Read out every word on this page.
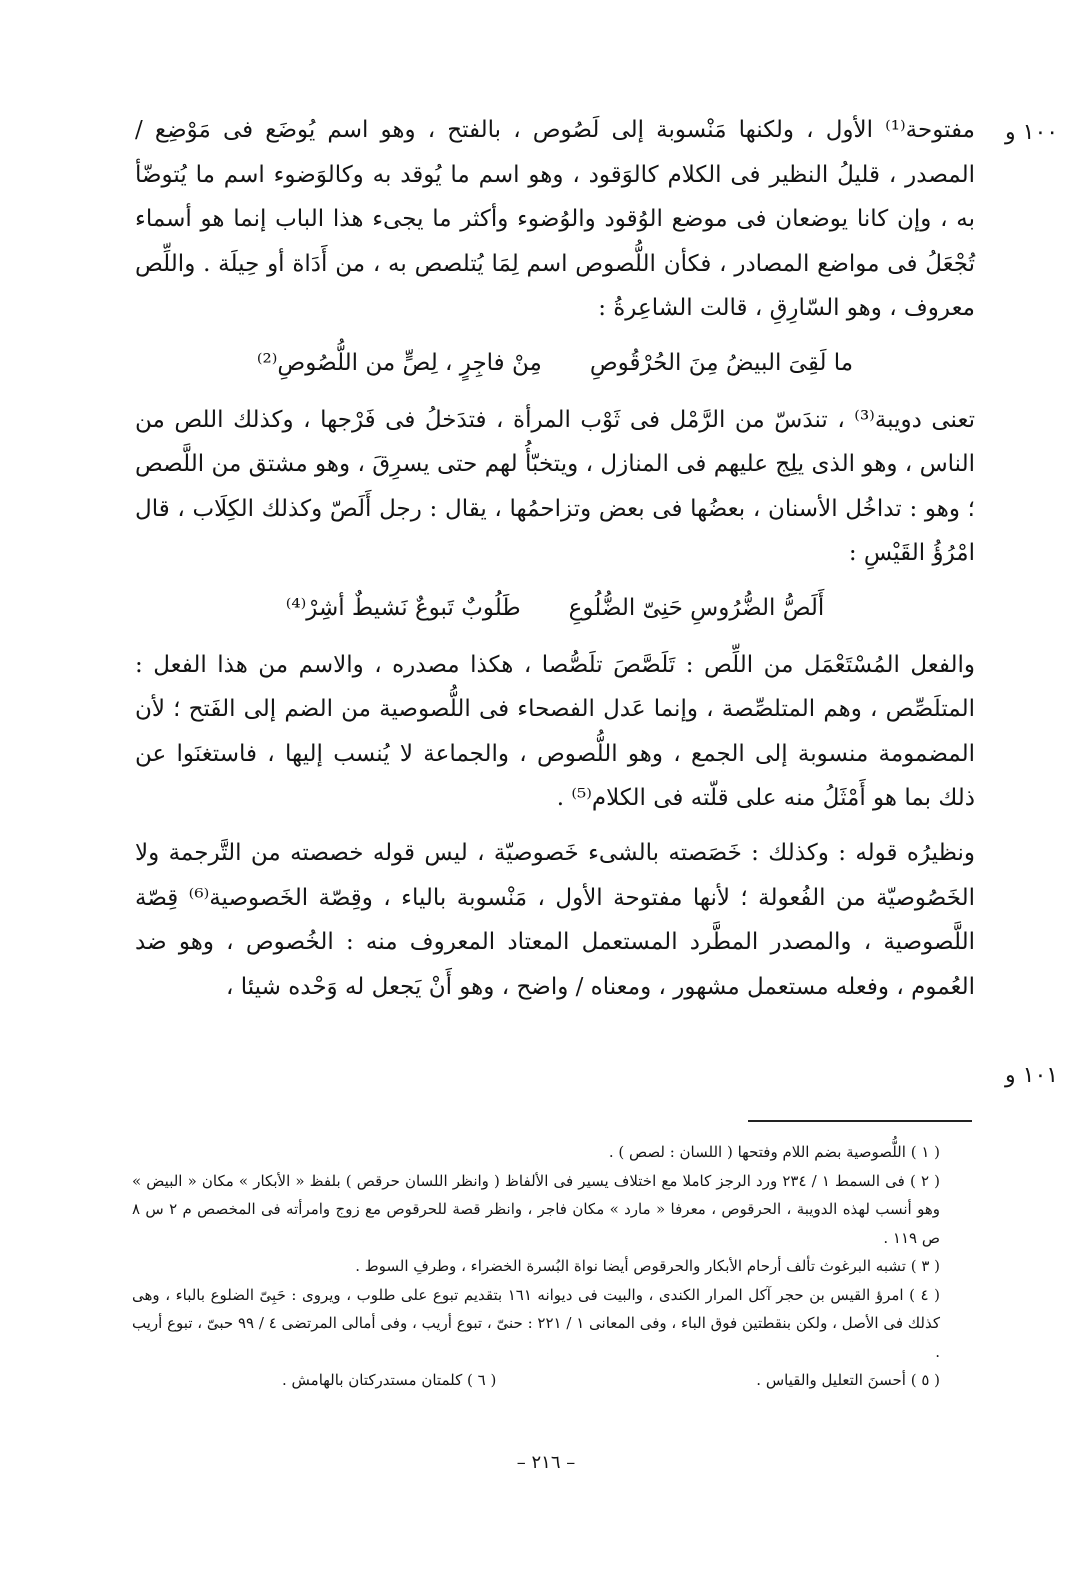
١٠٠ و
١٠١ و

مفتوحة⁽¹⁾ الأول ، ولكنها مَنْسوبة إلى لَصُوص ، بالفتح ، وهو اسم يُوضَع فى مَوْضِع / المصدر ، قليلُ النظير فى الكلام كالوَقود ، وهو اسم ما يُوقد به وكالوَضوء اسم ما يُتوضّأ به ، وإن كانا يوضعان فى موضع الوُقود والوُضوء وأكثر ما يجىء هذا الباب إنما هو أسماء تُجْعَلُ فى مواضع المصادر ، فكأن اللُّصوص اسم لِمَا يُتلصص به ، من أَدَاة أو حِيلَة . واللِّص معروف ، وهو السّارِقِ ، قالت الشاعِرةُ :

ما لَقِىَ البيضُ مِنَ الحُرْقُوصِ
مِنْ فاجِرٍ ، لِصٍّ من اللُّصُوصِ⁽²⁾

تعنى دويبة⁽³⁾ ، تندَسّ من الرَّمْل فى ثَوْب المرأة ، فتدَخلُ فى فَرْجها ، وكذلك اللص من الناس ، وهو الذى يلِج عليهم فى المنازل ، ويتخبّأُ لهم حتى يسرِقَ ، وهو مشتق من اللَّصص ؛ وهو : تداخُل الأسنان ، بعضُها فى بعض وتزاحمُها ، يقال : رجل أَلَصّ وكذلك الكِلَاب ، قال امْرُؤُ القَيْسِ :

أَلَصُّ الضُّرُوسِ حَنِىّ الضُّلُوعِ
طَلُوبٌ تَبوعٌ نَشيطٌ أشِرْ⁽⁴⁾

والفعل المُسْتَعْمَل من اللِّص : تَلَصَّصَ تلَصُّصا ، هكذا مصدره ، والاسم من هذا الفعل : المتلَصِّص ، وهم المتلصِّصة ، وإنما عَدل الفصحاء فى اللُّصوصية من الضم إلى الفَتح ؛ لأن المضمومة منسوبة إلى الجمع ، وهو اللُّصوص ، والجماعة لا يُنسب إليها ، فاستغنَوا عن ذلك بما هو أَمْثَلُ منه على قلّته فى الكلام⁽⁵⁾ .

ونظيرُه قوله : وكذلك : خَصَصته بالشىء خَصوصيّة ، ليس قوله خصصته من التَّرجمة ولا الخَصُوصيّة من الفُعولة ؛ لأنها مفتوحة الأول ، مَنْسوبة بالياء ، وقِصّة الخَصوصية⁽⁶⁾ قِصّة اللَّصوصية ، والمصدر المطَّرد المستعمل المعتاد المعروف منه : الخُصوص ، وهو ضد العُموم ، وفعله مستعمل مشهور ، ومعناه / واضح ، وهو أَنْ يَجعل له وَحْده شيئا ،

( ١ ) اللُّصوصية بضم اللام وفتحها ( اللسان : لصص ) .

( ٢ ) فى السمط ١ / ٢٣٤ ورد الرجز كاملا مع اختلاف يسير فى الألفاظ ( وانظر اللسان حرقص ) بلفظ « الأبكار » مكان « البيض » وهو أنسب لهذه الدويبة ، الحرقوص ، معرفا « مارد » مكان فاجر ، وانظر قصة للحرقوص مع زوج وامرأته فى المخصص م ٢ س ٨ ص ١١٩ .

( ٣ ) تشبه البرغوث تألف أرحام الأبكار والحرقوص أيضا نواة البُسرة الخضراء ، وطرفِ السوط .

( ٤ ) امرؤ القيس بن حجر آكل المرار الكندى ، والبيت فى ديوانه ١٦١ بتقديم تبوع على طلوب ، ويروى : حَبِىّ الضلوع بالباء ، وهى كذلك فى الأصل ، ولكن بنقطتين فوق الباء ، وفى المعانى ١ / ٢٢١ : حنىّ ، تبوع أريب ، وفى أمالى المرتضى ٤ / ٩٩ حبىّ ، تبوع أريب .

( ٥ ) أحسنَ التعليل والقياس .
( ٦ ) كلمتان مستدركتان بالهامش .
– ٢١٦ –
